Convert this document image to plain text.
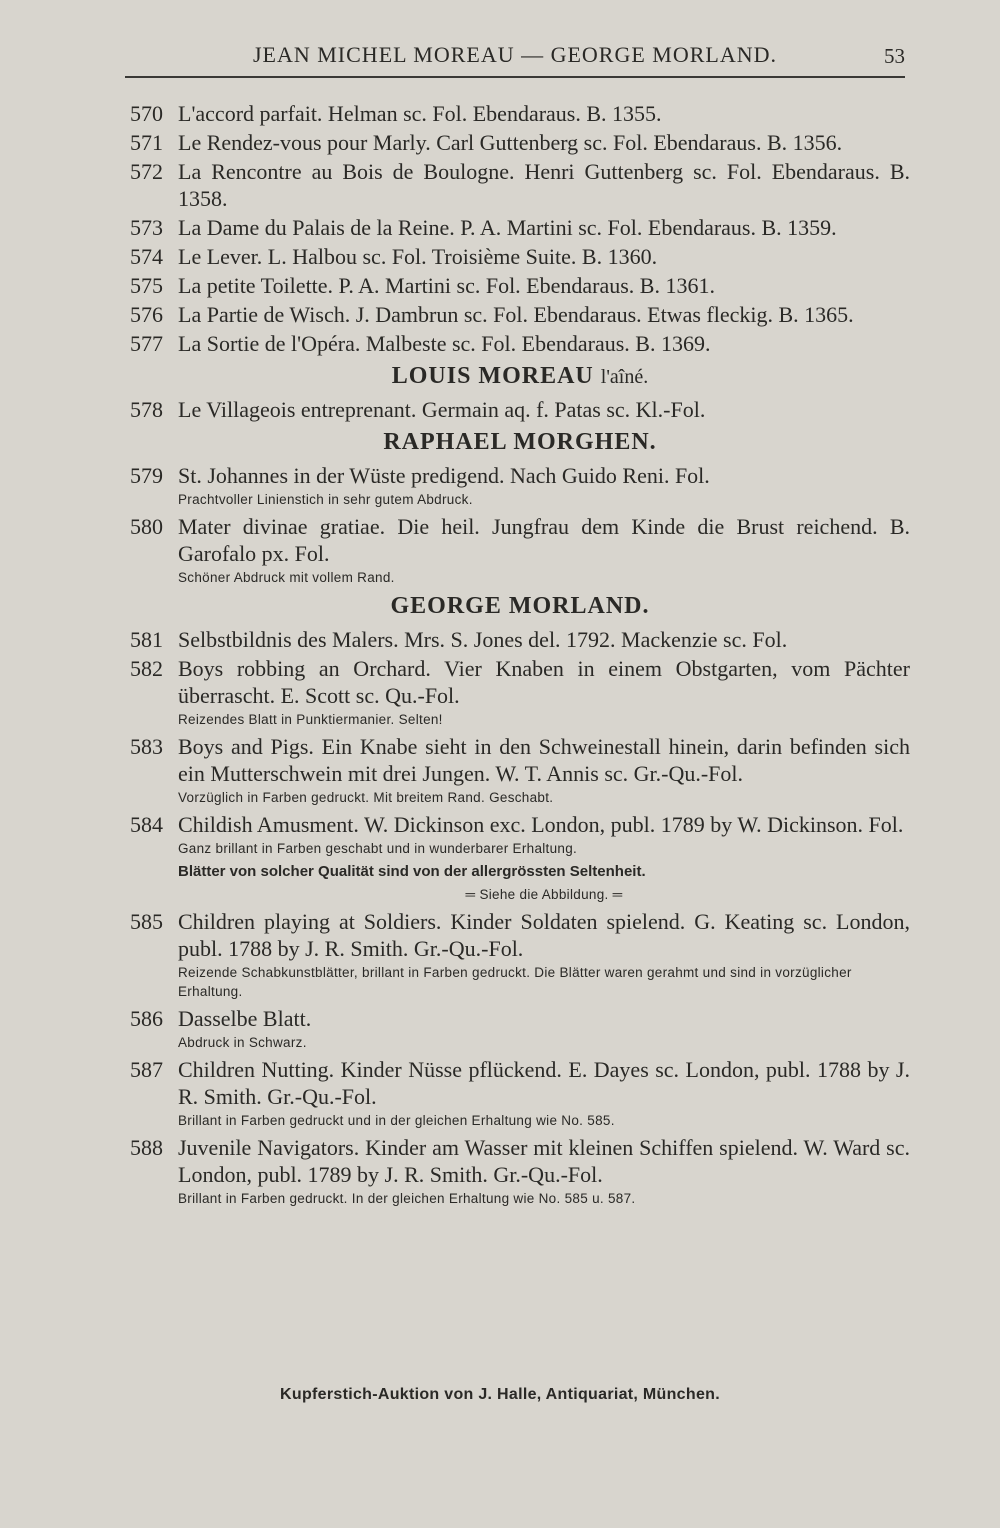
JEAN MICHEL MOREAU — GEORGE MORLAND.	53
570 L'accord parfait. Helman sc. Fol. Ebendaraus. B. 1355.
571 Le Rendez-vous pour Marly. Carl Guttenberg sc. Fol. Ebendaraus. B. 1356.
572 La Rencontre au Bois de Boulogne. Henri Guttenberg sc. Fol. Ebendaraus. B. 1358.
573 La Dame du Palais de la Reine. P. A. Martini sc. Fol. Ebendaraus. B. 1359.
574 Le Lever. L. Halbou sc. Fol. Troisième Suite. B. 1360.
575 La petite Toilette. P. A. Martini sc. Fol. Ebendaraus. B. 1361.
576 La Partie de Wisch. J. Dambrun sc. Fol. Ebendaraus. Etwas fleckig. B. 1365.
577 La Sortie de l'Opéra. Malbeste sc. Fol. Ebendaraus. B. 1369.
LOUIS MOREAU l'aîné.
578 Le Villageois entreprenant. Germain aq. f. Patas sc. Kl.-Fol.
RAPHAEL MORGHEN.
579 St. Johannes in der Wüste predigend. Nach Guido Reni. Fol.
Prachtvoller Linienstich in sehr gutem Abdruck.
580 Mater divinae gratiae. Die heil. Jungfrau dem Kinde die Brust reichend. B. Garofalo px. Fol.
Schöner Abdruck mit vollem Rand.
GEORGE MORLAND.
581 Selbstbildnis des Malers. Mrs. S. Jones del. 1792. Mackenzie sc. Fol.
582 Boys robbing an Orchard. Vier Knaben in einem Obstgarten, vom Pächter überrascht. E. Scott sc. Qu.-Fol.
Reizendes Blatt in Punktiermanier. Selten!
583 Boys and Pigs. Ein Knabe sieht in den Schweinestall hinein, darin befinden sich ein Mutterschwein mit drei Jungen. W. T. Annis sc. Gr.-Qu.-Fol.
Vorzüglich in Farben gedruckt. Mit breitem Rand. Geschabt.
584 Childish Amusment. W. Dickinson exc. London, publ. 1789 by W. Dickinson. Fol.
Ganz brillant in Farben geschabt und in wunderbarer Erhaltung.
Blätter von solcher Qualität sind von der allergrössten Seltenheit.
═ Siehe die Abbildung. ═
585 Children playing at Soldiers. Kinder Soldaten spielend. G. Keating sc. London, publ. 1788 by J. R. Smith. Gr.-Qu.-Fol.
Reizende Schabkunstblätter, brillant in Farben gedruckt. Die Blätter waren gerahmt und sind in vorzüglicher Erhaltung.
586 Dasselbe Blatt.
Abdruck in Schwarz.
587 Children Nutting. Kinder Nüsse pflückend. E. Dayes sc. London, publ. 1788 by J. R. Smith. Gr.-Qu.-Fol.
Brillant in Farben gedruckt und in der gleichen Erhaltung wie No. 585.
588 Juvenile Navigators. Kinder am Wasser mit kleinen Schiffen spielend. W. Ward sc. London, publ. 1789 by J. R. Smith. Gr.-Qu.-Fol.
Brillant in Farben gedruckt. In der gleichen Erhaltung wie No. 585 u. 587.
Kupferstich-Auktion von J. Halle, Antiquariat, München.
